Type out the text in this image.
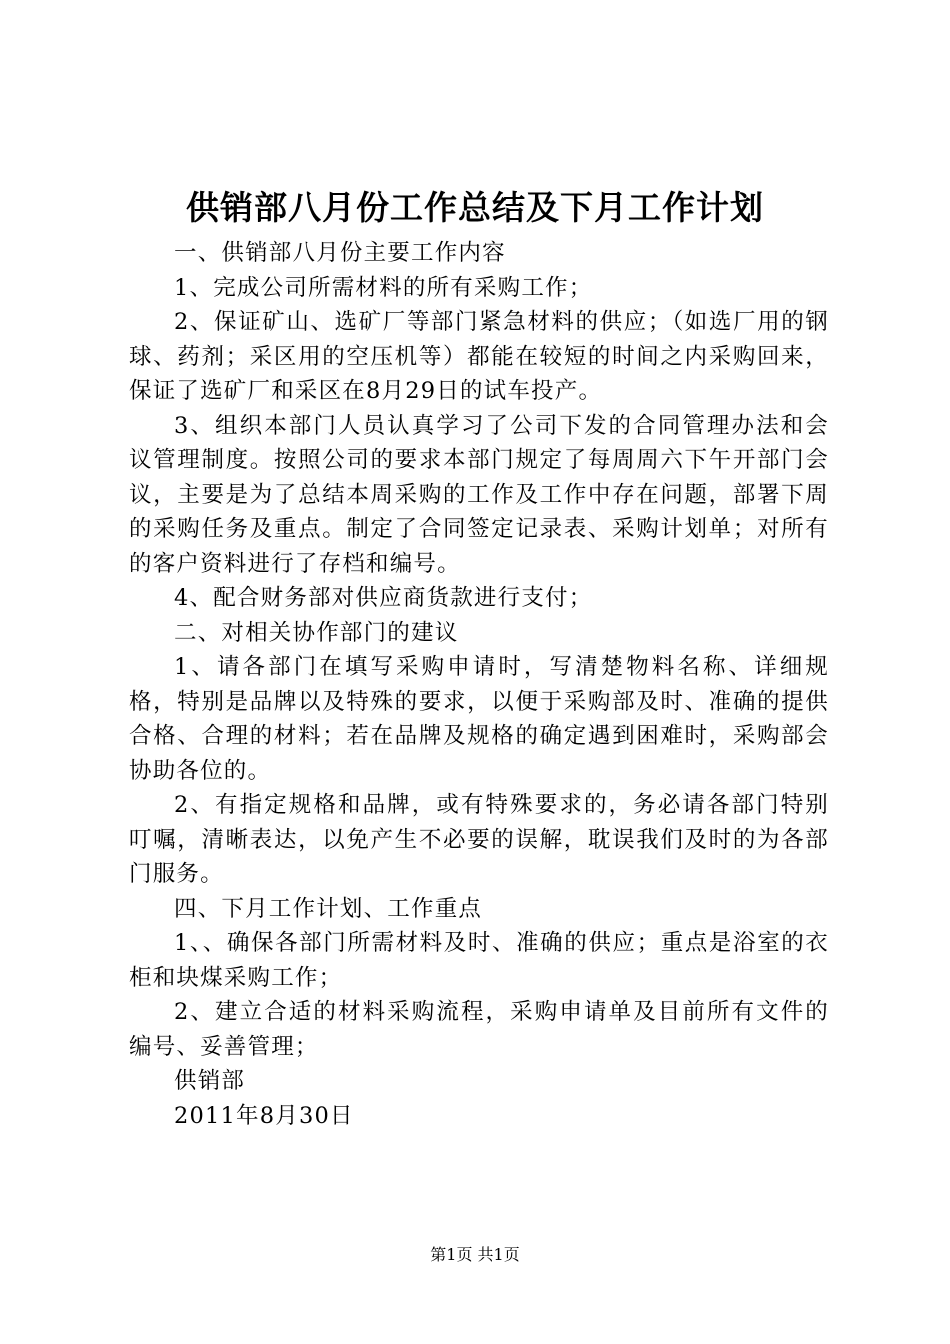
供销部八月份工作总结及下月工作计划

一、供销部八月份主要工作内容

1、完成公司所需材料的所有采购工作；

2、保证矿山、选矿厂等部门紧急材料的供应；（如选厂用的钢球、药剂；采区用的空压机等）都能在较短的时间之内采购回来，保证了选矿厂和采区在8月29日的试车投产。

3、组织本部门人员认真学习了公司下发的合同管理办法和会议管理制度。按照公司的要求本部门规定了每周周六下午开部门会议，主要是为了总结本周采购的工作及工作中存在问题，部署下周的采购任务及重点。制定了合同签定记录表、采购计划单；对所有的客户资料进行了存档和编号。

4、配合财务部对供应商货款进行支付；

二、对相关协作部门的建议

1、请各部门在填写采购申请时，写清楚物料名称、详细规格，特别是品牌以及特殊的要求，以便于采购部及时、准确的提供合格、合理的材料；若在品牌及规格的确定遇到困难时，采购部会协助各位的。

2、有指定规格和品牌，或有特殊要求的，务必请各部门特别叮嘱，清晰表达，以免产生不必要的误解，耽误我们及时的为各部门服务。

四、下月工作计划、工作重点

1、、确保各部门所需材料及时、准确的供应；重点是浴室的衣柜和块煤采购工作；

2、建立合适的材料采购流程，采购申请单及目前所有文件的编号、妥善管理；

供销部

2011年8月30日

第1页 共1页
